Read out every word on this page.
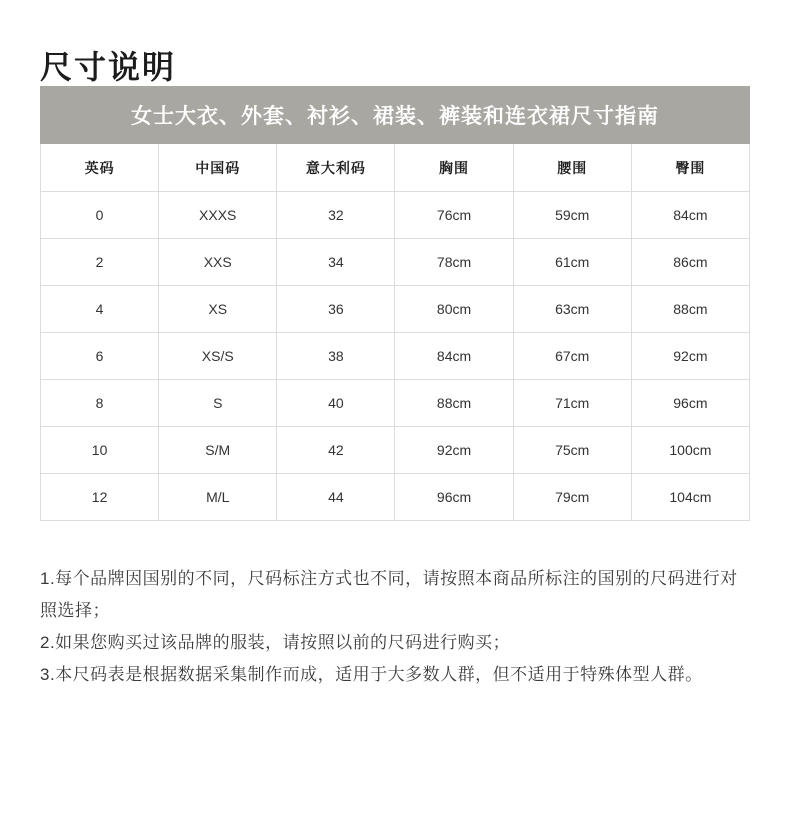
尺寸说明
女士大衣、外套、衬衫、裙装、裤装和连衣裙尺寸指南					
英码	中国码	意大利码	胸围	腰围	臀围
0	XXXS	32	76cm	59cm	84cm
2	XXS	34	78cm	61cm	86cm
4	XS	36	80cm	63cm	88cm
6	XS/S	38	84cm	67cm	92cm
8	S	40	88cm	71cm	96cm
10	S/M	42	92cm	75cm	100cm
12	M/L	44	96cm	79cm	104cm

1.每个品牌因国别的不同，尺码标注方式也不同，请按照本商品所标注的国别的尺码进行对照选择；

2.如果您购买过该品牌的服装，请按照以前的尺码进行购买；

3.本尺码表是根据数据采集制作而成，适用于大多数人群，但不适用于特殊体型人群。
